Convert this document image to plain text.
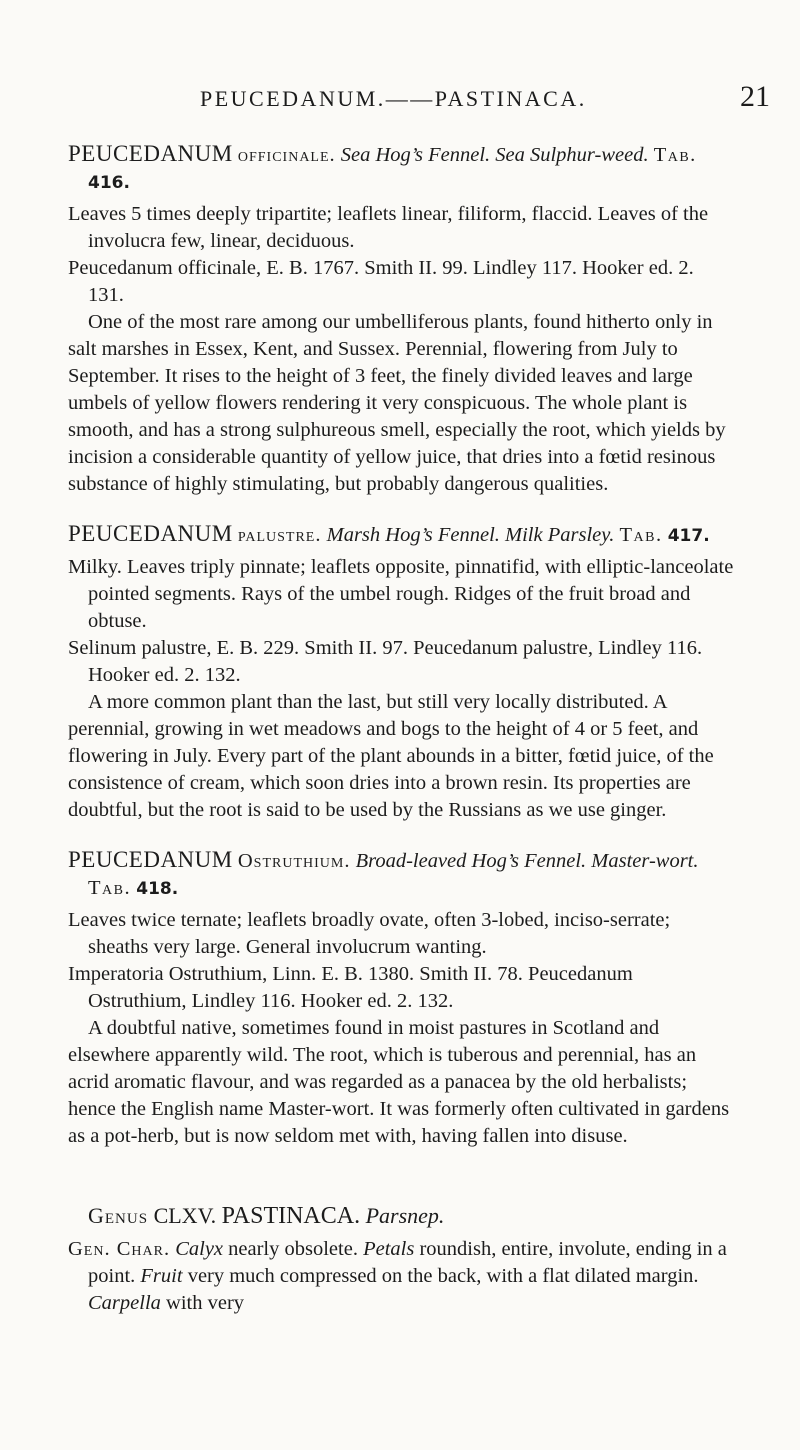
PEUCEDANUM.——PASTINACA.	21

PEUCEDANUM officinale. Sea Hog’s Fennel. Sea Sulphur-weed. Tab. 416.

Leaves 5 times deeply tripartite; leaflets linear, filiform, flaccid. Leaves of the involucra few, linear, deciduous.

Peucedanum officinale, E. B. 1767. Smith II. 99. Lindley 117. Hooker ed. 2. 131.

One of the most rare among our umbelliferous plants, found hitherto only in salt marshes in Essex, Kent, and Sussex. Perennial, flowering from July to September. It rises to the height of 3 feet, the finely divided leaves and large umbels of yellow flowers rendering it very conspicuous. The whole plant is smooth, and has a strong sulphureous smell, especially the root, which yields by incision a considerable quantity of yellow juice, that dries into a fœtid resinous substance of highly stimulating, but probably dangerous qualities.

PEUCEDANUM palustre. Marsh Hog’s Fennel. Milk Parsley. Tab. 417.

Milky. Leaves triply pinnate; leaflets opposite, pinnatifid, with elliptic-lanceolate pointed segments. Rays of the umbel rough. Ridges of the fruit broad and obtuse.

Selinum palustre, E. B. 229. Smith II. 97. Peucedanum palustre, Lindley 116. Hooker ed. 2. 132.

A more common plant than the last, but still very locally distributed. A perennial, growing in wet meadows and bogs to the height of 4 or 5 feet, and flowering in July. Every part of the plant abounds in a bitter, fœtid juice, of the consistence of cream, which soon dries into a brown resin. Its properties are doubtful, but the root is said to be used by the Russians as we use ginger.

PEUCEDANUM Ostruthium. Broad-leaved Hog’s Fennel. Master-wort. Tab. 418.

Leaves twice ternate; leaflets broadly ovate, often 3-lobed, inciso-serrate; sheaths very large. General involucrum wanting.

Imperatoria Ostruthium, Linn. E. B. 1380. Smith II. 78. Peucedanum Ostruthium, Lindley 116. Hooker ed. 2. 132.

A doubtful native, sometimes found in moist pastures in Scotland and elsewhere apparently wild. The root, which is tuberous and perennial, has an acrid aromatic flavour, and was regarded as a panacea by the old herbalists; hence the English name Master-wort. It was formerly often cultivated in gardens as a pot-herb, but is now seldom met with, having fallen into disuse.

Genus CLXV. PASTINACA. Parsnep.

Gen. Char. Calyx nearly obsolete. Petals roundish, entire, involute, ending in a point. Fruit very much compressed on the back, with a flat dilated margin. Carpella with very
